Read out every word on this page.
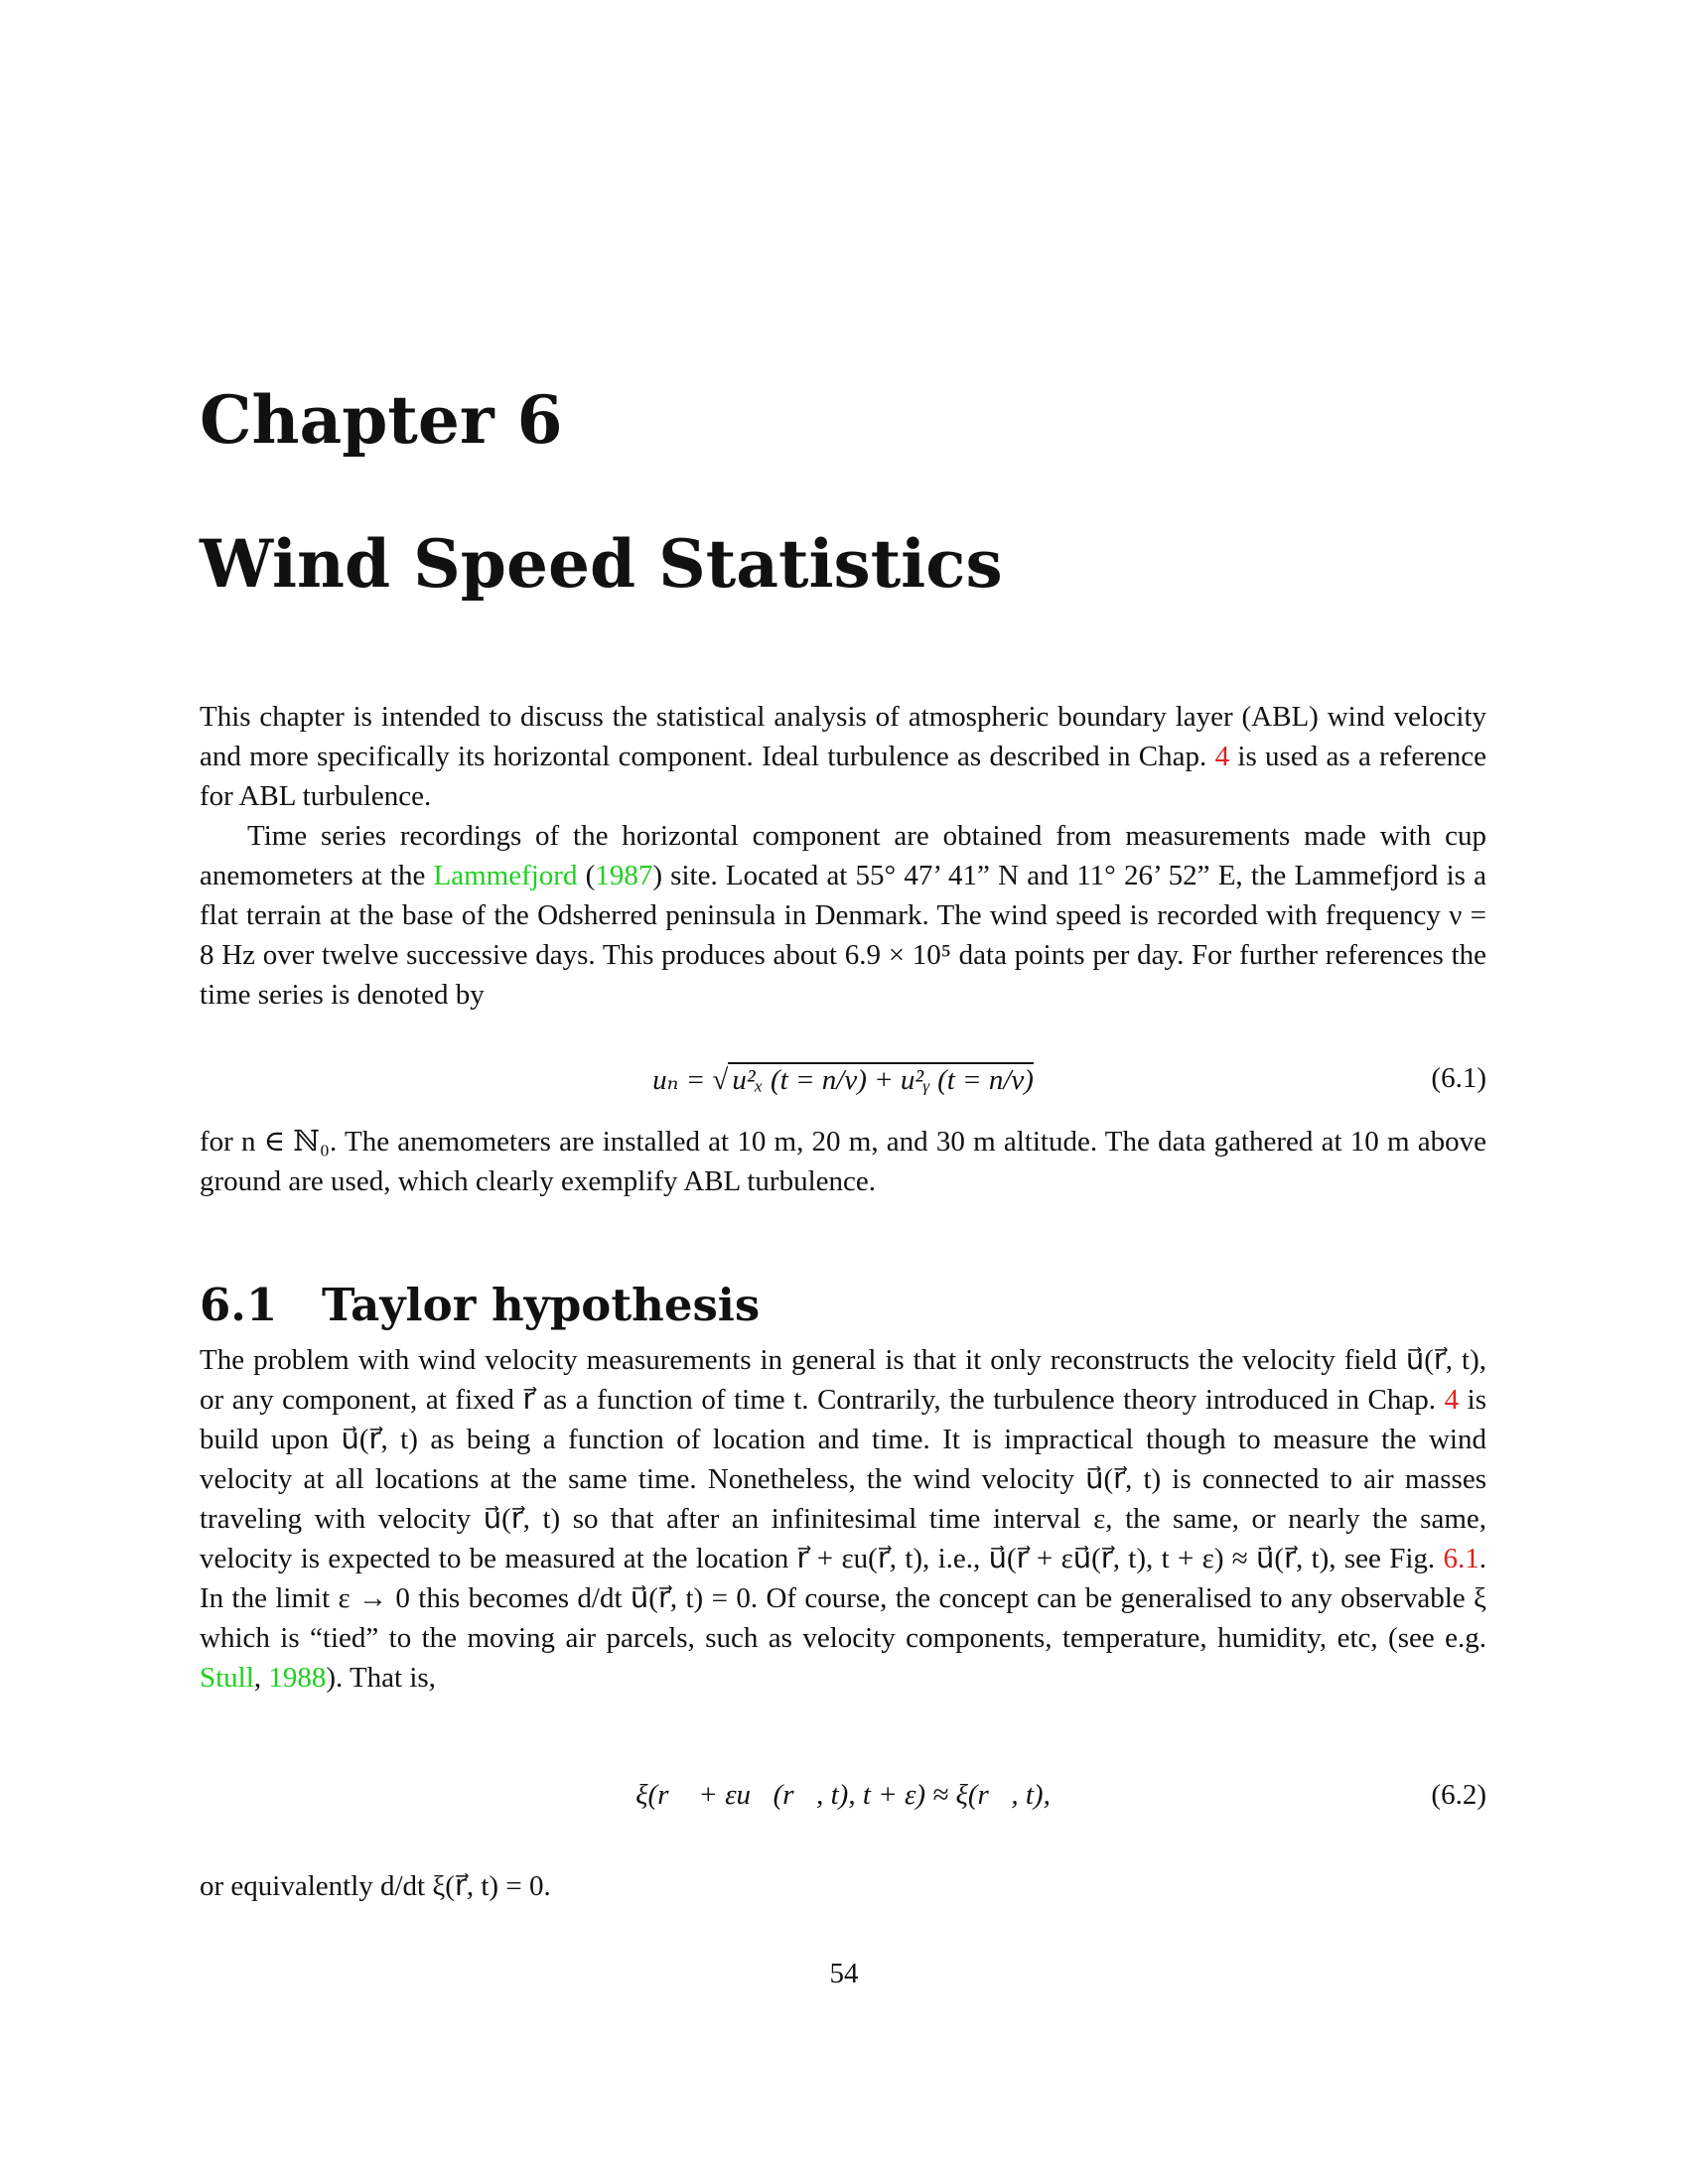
Chapter 6
Wind Speed Statistics

This chapter is intended to discuss the statistical analysis of atmospheric boundary layer (ABL) wind velocity and more specifically its horizontal component. Ideal turbulence as described in Chap. 4 is used as a reference for ABL turbulence.

Time series recordings of the horizontal component are obtained from measurements made with cup anemometers at the Lammefjord (1987) site. Located at 55° 47’ 41” N and 11° 26’ 52” E, the Lammefjord is a flat terrain at the base of the Odsherred peninsula in Denmark. The wind speed is recorded with frequency ν = 8 Hz over twelve successive days. This produces about 6.9 × 10⁵ data points per day. For further references the time series is denoted by

uₙ = √ u²ₓ (t = n/ν) + u²ᵧ (t = n/ν)	(6.1)
for n ∈ ℕ₀. The anemometers are installed at 10 m, 20 m, and 30 m altitude. The data gathered at 10 m above ground are used, which clearly exemplify ABL turbulence.
6.1 Taylor hypothesis

The problem with wind velocity measurements in general is that it only reconstructs the velocity field u⃗(r⃗, t), or any component, at fixed r⃗ as a function of time t. Contrarily, the turbulence theory introduced in Chap. 4 is build upon u⃗(r⃗, t) as being a function of location and time. It is impractical though to measure the wind velocity at all locations at the same time. Nonetheless, the wind velocity u⃗(r⃗, t) is connected to air masses traveling with velocity u⃗(r⃗, t) so that after an infinitesimal time interval ε, the same, or nearly the same, velocity is expected to be measured at the location r⃗ + εu(r⃗, t), i.e., u⃗(r⃗ + εu⃗(r⃗, t), t + ε) ≈ u⃗(r⃗, t), see Fig. 6.1. In the limit ε → 0 this becomes d/dt u⃗(r⃗, t) = 0. Of course, the concept can be generalised to any observable ξ which is “tied” to the moving air parcels, such as velocity components, temperature, humidity, etc, (see e.g. Stull, 1988). That is,

ξ(r⃗ + εu⃗(r⃗, t), t + ε) ≈ ξ(r⃗, t),	(6.2)
or equivalently d/dt ξ(r⃗, t) = 0.
54
